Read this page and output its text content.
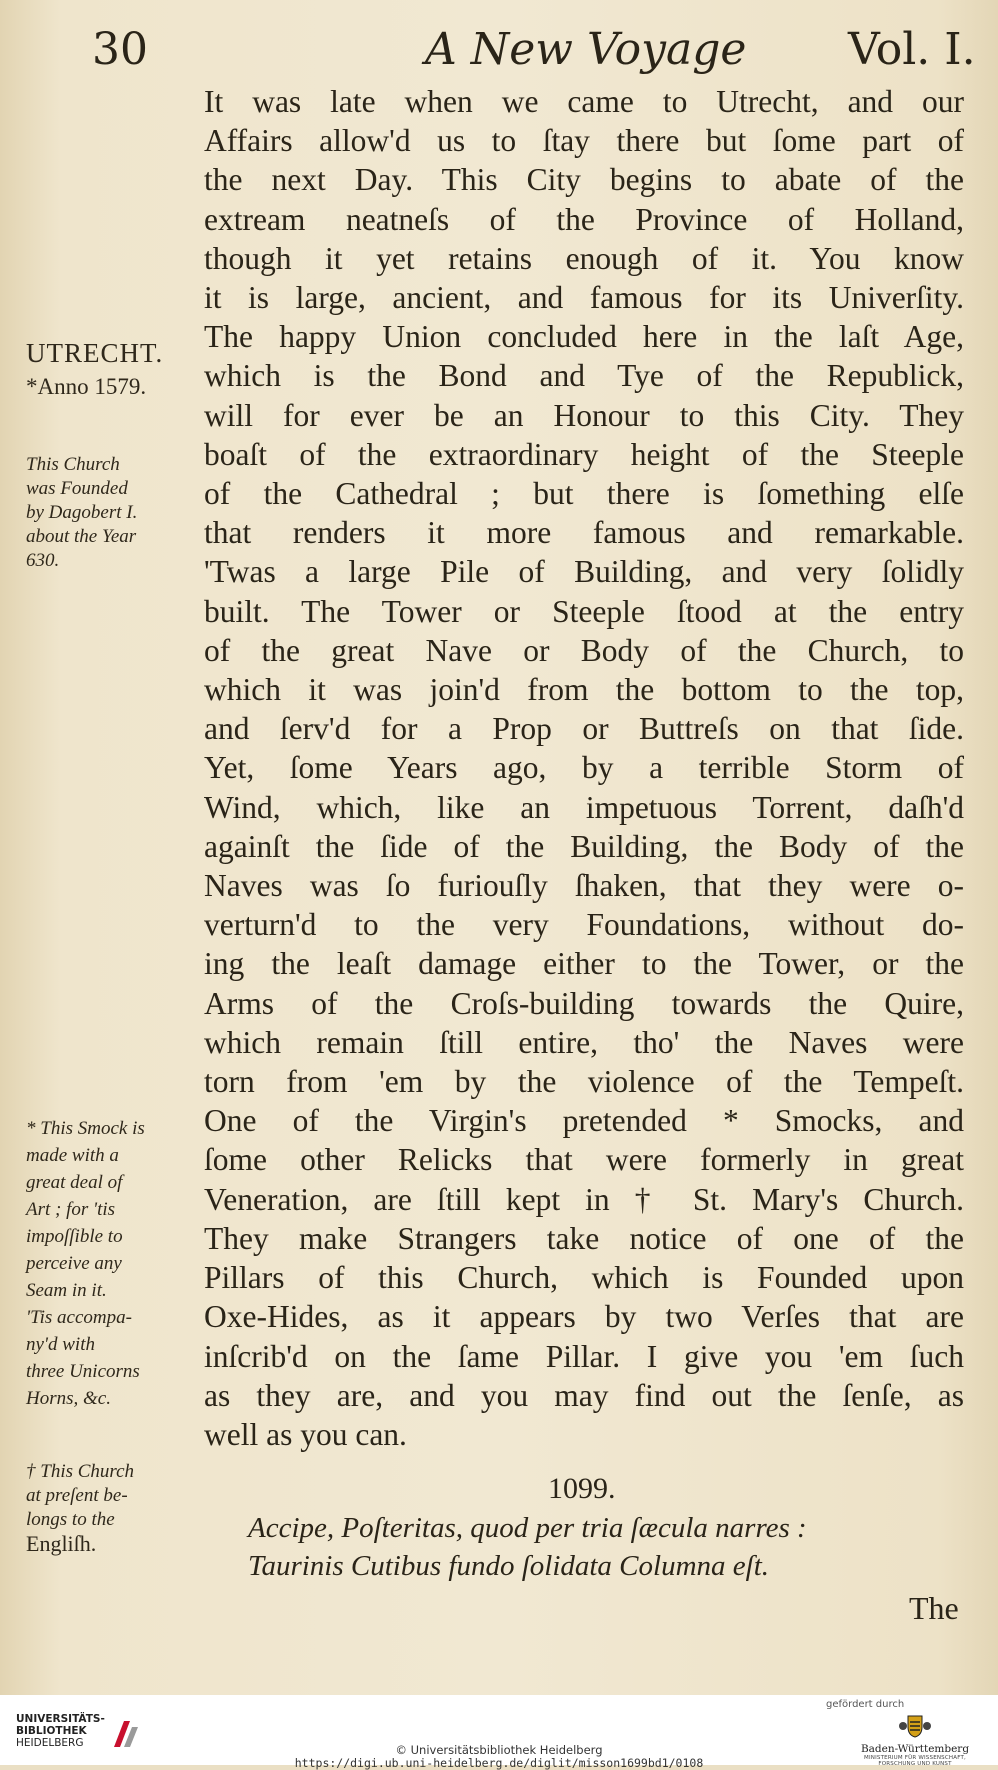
30	A New Voyage Vol. I.
UTRECHT.
*Anno 1579.
This Church
was Founded
by Dagobert I.
about the Year
630.
* This Smock is
made with a
great deal of
Art ; for 'tis
impoſſible to
perceive any
Seam in it.
'Tis accompa-
ny'd with
three Unicorns
Horns, &c.
† This Church
at preſent be-
longs to the
Engliſh.
It was late when we came to Utrecht, and our
Affairs allow'd us to ſtay there but ſome part of
the next Day. This City begins to abate of the
extream neatneſs of the Province of Holland,
though it yet retains enough of it. You know
it is large, ancient, and famous for its Univerſity.
The happy Union concluded here in the laſt Age,
which is the Bond and Tye of the Republick,
will for ever be an Honour to this City. They
boaſt of the extraordinary height of the Steeple
of the Cathedral ; but there is ſomething elſe
that renders it more famous and remarkable.
'Twas a large Pile of Building, and very ſolidly
built. The Tower or Steeple ſtood at the entry
of the great Nave or Body of the Church, to
which it was join'd from the bottom to the top,
and ſerv'd for a Prop or Buttreſs on that ſide.
Yet, ſome Years ago, by a terrible Storm of
Wind, which, like an impetuous Torrent, daſh'd
againſt the ſide of the Building, the Body of the
Naves was ſo furiouſly ſhaken, that they were o-
verturn'd to the very Foundations, without do-
ing the leaſt damage either to the Tower, or the
Arms of the Croſs-building towards the Quire,
which remain ſtill entire, tho' the Naves were
torn from 'em by the violence of the Tempeſt.
One of the Virgin's pretended * Smocks, and
ſome other Relicks that were formerly in great
Veneration, are ſtill kept in † St. Mary's Church.
They make Strangers take notice of one of the
Pillars of this Church, which is Founded upon
Oxe-Hides, as it appears by two Verſes that are
inſcrib'd on the ſame Pillar. I give you 'em ſuch
as they are, and you may find out the ſenſe, as
well as you can.
1099.
Accipe, Poſteritas, quod per tria ſæcula narres :
Taurinis Cutibus fundo ſolidata Columna eſt.
The
UNIVERSITÄTS-
BIBLIOTHEK
HEIDELBERG	© Universitätsbibliothek Heidelberg
https://digi.ub.uni-heidelberg.de/diglit/misson1699bd1/0108
gefördert durch
Baden-Württemberg
MINISTERIUM FÜR WISSENSCHAFT, FORSCHUNG UND KUNST
